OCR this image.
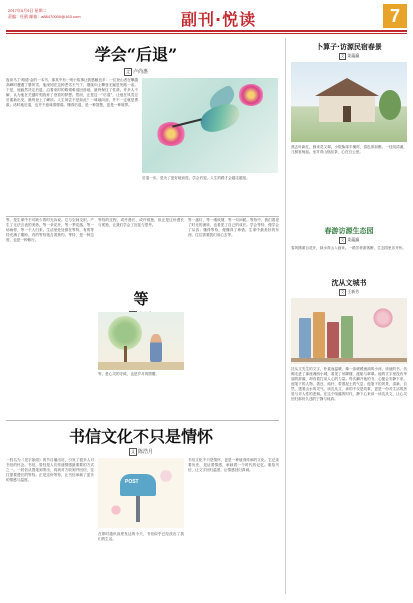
2017年5月9日 星期二
责编：杜鹃 邮箱：a88470000@163.com	副刊·悦读	7
学会“后退”
文 卢尚惠
夜读马丁·路德·金的一本书，那其中有一则小故事让我感触良多：一位登山者在攀越高峰时遭遇了暴风雪，他深知在这种恶劣天气下，继续向上攀登无疑是死路一条。于是，他毅然决定后退，沿着来时的路艰难返回营地，最终保住了性命。许多人不解，认为他在关键时刻放弃了登顶的梦想。然而，正是这一“后退”，让他在风雪过后重新出发，最终登上了峰顶。人生何尝不是如此？一味地向前，并不一定就是勇敢；适时地后退，也并不意味着懦弱。懂得后退，是一种智慧，更是一种境界。
后退一步，是为了更好地前进。学会后退，人生的路才会越走越宽。
等，是生命中不可缺少的时光诉说。它与空间交织，产生了无法言表的美妙。等一朵花开，等一季花落，等一场雨停，等一个人归来。生活里处处都在等待，有的等待充满了期盼，有的等待饱含着焦灼。等待，是一种态度，也是一种修行。
等待的过程，或许漫长，或许孤独，但正是这份漫长与孤独，让我们学会了沉淀与思考。
等
等，是心灵的守候，也是岁月的馈赠。
等一盏灯，等一缕炊烟，等一句问候。等待中，我们看见了时光的流转，也看见了自己的成长。学会等待，便学会了从容；懂得等待，便懂得了珍惜。生命中最美好的东西，往往需要我们用心去等。
书信文化不只是情怀
文 陈浩月
一档名为《见字如面》的节目播出后，引发了很多人对书信的怀念。书信，曾经是人们传递情感最重要的方式之一。一封信从提笔到寄出，再到对方收到并回信，往往需要漫长的等待。正是这份等待，让书信承载了更多的情感与温度。	POST
在即时通讯高度发达的今天，书信似乎已经淡出了我们的生活。
书信文化不只是情怀，更是一种值得传承的文化。它记录着历史，见证着情感，承载着一个时代的记忆。重拾书信，让文字回归温度，让情感回归真诚。
卜算子·访源民宿春景
文 姜蕴瀛
燕去叶新红，蜂来花又翠。小院柴扉半掩时，春色浓如醉。一径绕清溪，几树垂杨起。坐对青山细品茶，心在白云里。
春游访源生态园
文 姜蕴瀛
春风拂面百花开，绿水青山入画来。一路芳菲游客醉，生态园里乐开怀。
沈从文城书
文 王新芳
沈从文先生的文字，朴素而温暖，像一条缓缓流淌的小河。读他的书，仿佛走进了那座湘西小城，看见了吊脚楼、渡船与翠翠。他的文字里没有华丽的辞藻，却有着打动人心的力量。每次翻开他的书，心便会安静下来。他笔下的人物，善良、纯朴，带着泥土的气息；他笔下的风景，清新、自然，透着山水的灵气。读沈从文，读的不仅是故事，更是一份对生活的热爱与对人性的悲悯。在这个喧嚣的时代，静下心来读一读沈从文，让心灵回归那份久违的宁静与纯真。
